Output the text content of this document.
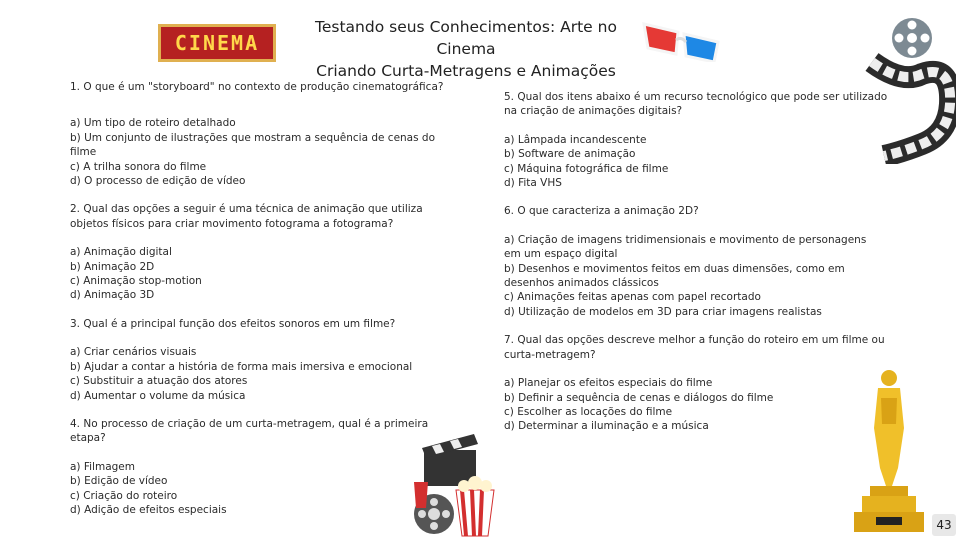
CINEMA
Testando seus Conhecimentos: Arte no Cinema
Criando Curta-Metragens e Animações

1. O que é um "storyboard" no contexto de produção cinematográfica?

a) Um tipo de roteiro detalhado

b) Um conjunto de ilustrações que mostram a sequência de cenas do

filme

c) A trilha sonora do filme

d) O processo de edição de vídeo

2. Qual das opções a seguir é uma técnica de animação que utiliza

objetos físicos para criar movimento fotograma a fotograma?

a) Animação digital

b) Animação 2D

c) Animação stop-motion

d) Animação 3D

3. Qual é a principal função dos efeitos sonoros em um filme?

a) Criar cenários visuais

b) Ajudar a contar a história de forma mais imersiva e emocional

c) Substituir a atuação dos atores

d) Aumentar o volume da música

4. No processo de criação de um curta-metragem, qual é a primeira

etapa?

a) Filmagem

b) Edição de vídeo

c) Criação do roteiro

d) Adição de efeitos especiais

5. Qual dos itens abaixo é um recurso tecnológico que pode ser utilizado

na criação de animações digitais?

a) Lâmpada incandescente

b) Software de animação

c) Máquina fotográfica de filme

d) Fita VHS

6. O que caracteriza a animação 2D?

a) Criação de imagens tridimensionais e movimento de personagens

em um espaço digital

b) Desenhos e movimentos feitos em duas dimensões, como em

desenhos animados clássicos

c) Animações feitas apenas com papel recortado

d) Utilização de modelos em 3D para criar imagens realistas

7. Qual das opções descreve melhor a função do roteiro em um filme ou

curta-metragem?

a) Planejar os efeitos especiais do filme

b) Definir a sequência de cenas e diálogos do filme

c) Escolher as locações do filme

d) Determinar a iluminação e a música

43
